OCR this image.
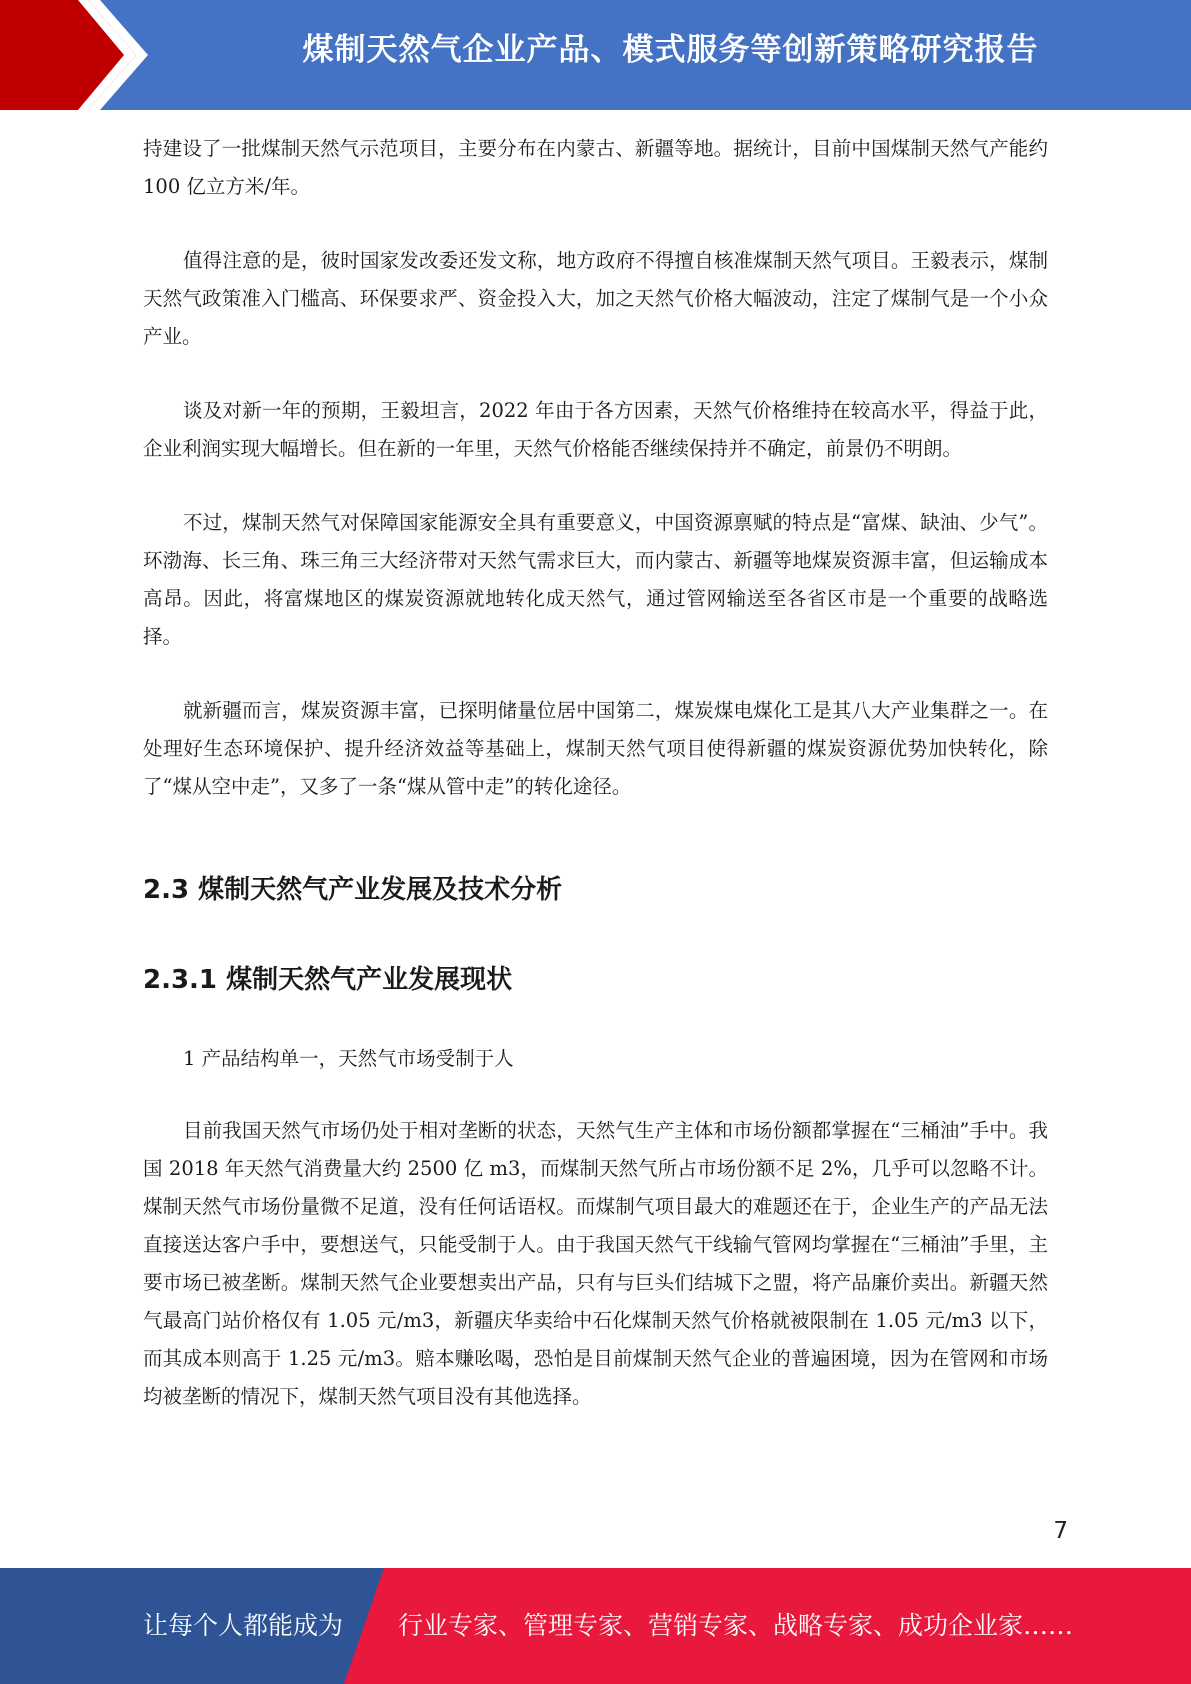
煤制天然气企业产品、模式服务等创新策略研究报告

持建设了一批煤制天然气示范项目，主要分布在内蒙古、新疆等地。据统计，目前中国煤制天然气产能约 100 亿立方米/年。

值得注意的是，彼时国家发改委还发文称，地方政府不得擅自核准煤制天然气项目。王毅表示，煤制天然气政策准入门槛高、环保要求严、资金投入大，加之天然气价格大幅波动，注定了煤制气是一个小众产业。

谈及对新一年的预期，王毅坦言，2022 年由于各方因素，天然气价格维持在较高水平，得益于此，企业利润实现大幅增长。但在新的一年里，天然气价格能否继续保持并不确定，前景仍不明朗。

不过，煤制天然气对保障国家能源安全具有重要意义，中国资源禀赋的特点是“富煤、缺油、少气”。环渤海、长三角、珠三角三大经济带对天然气需求巨大，而内蒙古、新疆等地煤炭资源丰富，但运输成本高昂。因此，将富煤地区的煤炭资源就地转化成天然气，通过管网输送至各省区市是一个重要的战略选择。

就新疆而言，煤炭资源丰富，已探明储量位居中国第二，煤炭煤电煤化工是其八大产业集群之一。在处理好生态环境保护、提升经济效益等基础上，煤制天然气项目使得新疆的煤炭资源优势加快转化，除了“煤从空中走”，又多了一条“煤从管中走”的转化途径。

2.3 煤制天然气产业发展及技术分析
2.3.1 煤制天然气产业发展现状

1 产品结构单一，天然气市场受制于人

目前我国天然气市场仍处于相对垄断的状态，天然气生产主体和市场份额都掌握在“三桶油”手中。我国 2018 年天然气消费量大约 2500 亿 m3，而煤制天然气所占市场份额不足 2%，几乎可以忽略不计。煤制天然气市场份量微不足道，没有任何话语权。而煤制气项目最大的难题还在于，企业生产的产品无法直接送达客户手中，要想送气，只能受制于人。由于我国天然气干线输气管网均掌握在“三桶油”手里，主要市场已被垄断。煤制天然气企业要想卖出产品，只有与巨头们结城下之盟，将产品廉价卖出。新疆天然气最高门站价格仅有 1.05 元/m3，新疆庆华卖给中石化煤制天然气价格就被限制在 1.05 元/m3 以下，而其成本则高于 1.25 元/m3。赔本赚吆喝，恐怕是目前煤制天然气企业的普遍困境，因为在管网和市场均被垄断的情况下，煤制天然气项目没有其他选择。

7
让每个人都能成为 行业专家、管理专家、营销专家、战略专家、成功企业家……
